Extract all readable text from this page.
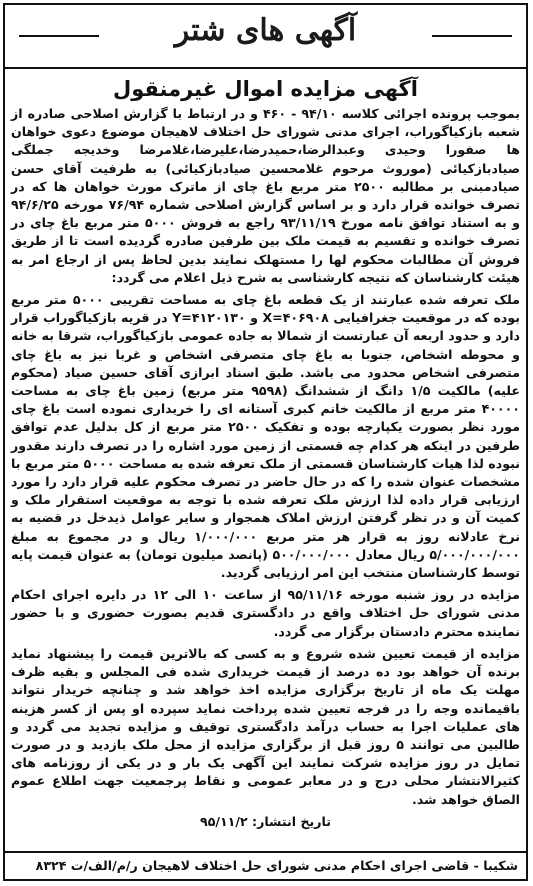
آگهی های شتر
آگهی مزایده اموال غیرمنقول

بموجب پرونده اجرائی کلاسه ۹۴/۱۰ - ۴۶۰ و در ارتباط با گزارش اصلاحی صادره از شعبه بازکیاگوراب، اجرای مدنی شورای حل اختلاف لاهیجان موضوع دعوی خواهان ها صفورا وحیدی وعبدالرضا،حمیدرضا،علیرضا،غلامرضا وخدیجه جملگی صیادبازکیائی (موروث مرحوم غلامحسین صیادبازکیائی) به طرفیت آقای حسن صیادمبنی بر مطالبه ۲۵۰۰ متر مربع باغ چای از ماترک مورث خواهان ها که در تصرف خوانده قرار دارد و بر اساس گزارش اصلاحی شماره ۷۶/۹۴ مورخه ۹۴/۶/۲۵ و به استناد توافق نامه مورخ ۹۳/۱۱/۱۹ راجع به فروش ۵۰۰۰ متر مربع باغ چای در تصرف خوانده و تقسیم به قیمت ملک بین طرفین صادره گردیده است تا از طریق فروش آن مطالبات محکوم لها را مستهلک نمایند بدین لحاظ پس از ارجاع امر به هیئت کارشناسان که نتیجه کارشناسی به شرح ذیل اعلام می گردد:

ملک تعرفه شده عبارتند از یک قطعه باغ چای به مساحت تقریبی ۵۰۰۰ متر مربع بوده که در موقعیت جغرافیایی X=۴۰۶۹۰۸ و Y=۴۱۲۰۱۳۰ در قریه بازکیاگوراب قرار دارد و حدود اربعه آن عبارتست از شمالا به جاده عمومی بازکیاگوراب، شرقا به خانه و محوطه اشخاص، جنوبا به باغ چای متصرفی اشخاص و غربا نیز به باغ چای متصرفی اشخاص محدود می باشد. طبق اسناد ابرازی آقای حسین صیاد (محکوم علیه) مالکیت ۱/۵ دانگ از ششدانگ (۹۵۹۸ متر مربع) زمین باغ چای به مساحت ۴۰۰۰۰ متر مربع از مالکیت خانم کبری آستانه ای را خریداری نموده است باغ چای مورد نظر بصورت یکپارچه بوده و تفکیک ۲۵۰۰ متر مربع از کل بدلیل عدم توافق طرفین در اینکه هر کدام چه قسمتی از زمین مورد اشاره را در تصرف دارند مقدور نبوده لذا هیات کارشناسان قسمتی از ملک تعرفه شده به مساحت ۵۰۰۰ متر مربع با مشخصات عنوان شده را که در حال حاضر در تصرف محکوم علیه قرار دارد را مورد ارزیابی قرار داده لذا ارزش ملک تعرفه شده با توجه به موقعیت استقرار ملک و کمیت آن و در نظر گرفتن ارزش املاک همجوار و سایر عوامل ذیدخل در قضیه به نرخ عادلانه روز به قرار هر متر مربع ۱/۰۰۰/۰۰۰ ریال و در مجموع به مبلغ ۵/۰۰۰/۰۰۰/۰۰۰ ریال معادل ۵۰۰/۰۰۰/۰۰۰ (پانصد میلیون تومان) به عنوان قیمت پایه توسط کارشناسان منتخب این امر ارزیابی گردید.

مزایده در روز شنبه مورخه ۹۵/۱۱/۱۶ از ساعت ۱۰ الی ۱۲ در دایره اجرای احکام مدنی شورای حل اختلاف واقع در دادگستری قدیم بصورت حضوری و با حضور نماینده محترم دادستان برگزار می گردد.

مزایده از قیمت تعیین شده شروع و به کسی که بالاترین قیمت را پیشنهاد نماید برنده آن خواهد بود ده درصد از قیمت خریداری شده فی المجلس و بقیه ظرف مهلت یک ماه از تاریخ برگزاری مزایده اخذ خواهد شد و چنانچه خریدار نتواند باقیمانده وجه را در فرجه تعیین شده پرداخت نماید سپرده او پس از کسر هزینه های عملیات اجرا به حساب درآمد دادگستری توقیف و مزایده تجدید می گردد و طالبین می توانند ۵ روز قبل از برگزاری مزایده از محل ملک بازدید و در صورت تمایل در روز مزایده شرکت نمایند این آگهی یک بار و در یکی از روزنامه های کثیرالانتشار محلی درج و در معابر عمومی و نقاط پرجمعیت جهت اطلاع عموم الصاق خواهد شد.

تاریخ انتشار: ۹۵/۱۱/۲

شکیبا - قاضی اجرای احکام مدنی شورای حل اختلاف لاهیجان ر/م/الف/ت ۸۳۲۴
